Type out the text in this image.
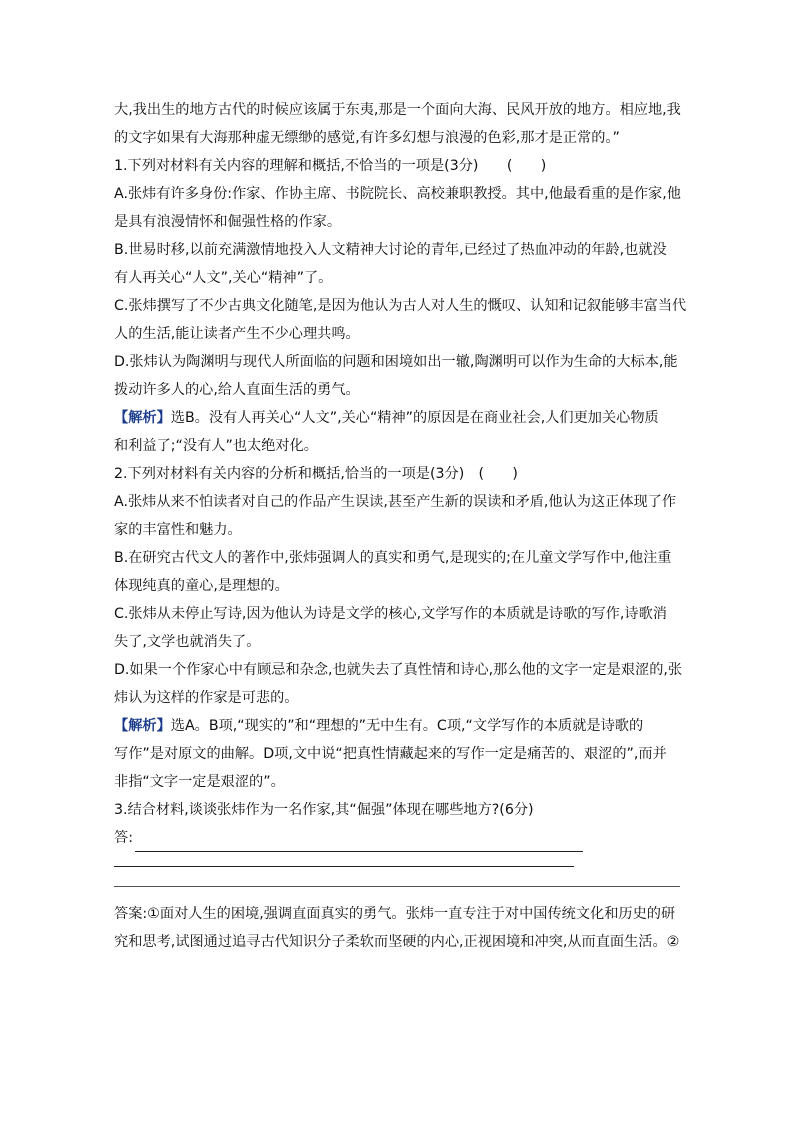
大,我出生的地方古代的时候应该属于东夷,那是一个面向大海、民风开放的地方。相应地,我
的文字如果有大海那种虚无缥缈的感觉,有许多幻想与浪漫的色彩,那才是正常的。”
1.下列对材料有关内容的理解和概括,不恰当的一项是(3分)　　(　　)
A.张炜有许多身份:作家、作协主席、书院院长、高校兼职教授。其中,他最看重的是作家,他
是具有浪漫情怀和倔强性格的作家。
B.世易时移,以前充满激情地投入人文精神大讨论的青年,已经过了热血冲动的年龄,也就没
有人再关心“人文”,关心“精神”了。
C.张炜撰写了不少古典文化随笔,是因为他认为古人对人生的慨叹、认知和记叙能够丰富当代
人的生活,能让读者产生不少心理共鸣。
D.张炜认为陶渊明与现代人所面临的问题和困境如出一辙,陶渊明可以作为生命的大标本,能
拨动许多人的心,给人直面生活的勇气。
【解析】选B。没有人再关心“人文”,关心“精神”的原因是在商业社会,人们更加关心物质
和利益了;“没有人”也太绝对化。
2.下列对材料有关内容的分析和概括,恰当的一项是(3分)　(　　)
A.张炜从来不怕读者对自己的作品产生误读,甚至产生新的误读和矛盾,他认为这正体现了作
家的丰富性和魅力。
B.在研究古代文人的著作中,张炜强调人的真实和勇气,是现实的;在儿童文学写作中,他注重
体现纯真的童心,是理想的。
C.张炜从未停止写诗,因为他认为诗是文学的核心,文学写作的本质就是诗歌的写作,诗歌消
失了,文学也就消失了。
D.如果一个作家心中有顾忌和杂念,也就失去了真性情和诗心,那么他的文字一定是艰涩的,张
炜认为这样的作家是可悲的。
【解析】选A。B项,“现实的”和“理想的”无中生有。C项,“文学写作的本质就是诗歌的
写作”是对原文的曲解。D项,文中说“把真性情藏起来的写作一定是痛苦的、艰涩的”,而并
非指“文字一定是艰涩的”。
3.结合材料,谈谈张炜作为一名作家,其“倔强”体现在哪些地方?(6分)
答:
答案:①面对人生的困境,强调直面真实的勇气。张炜一直专注于对中国传统文化和历史的研
究和思考,试图通过追寻古代知识分子柔软而坚硬的内心,正视困境和冲突,从而直面生活。②
